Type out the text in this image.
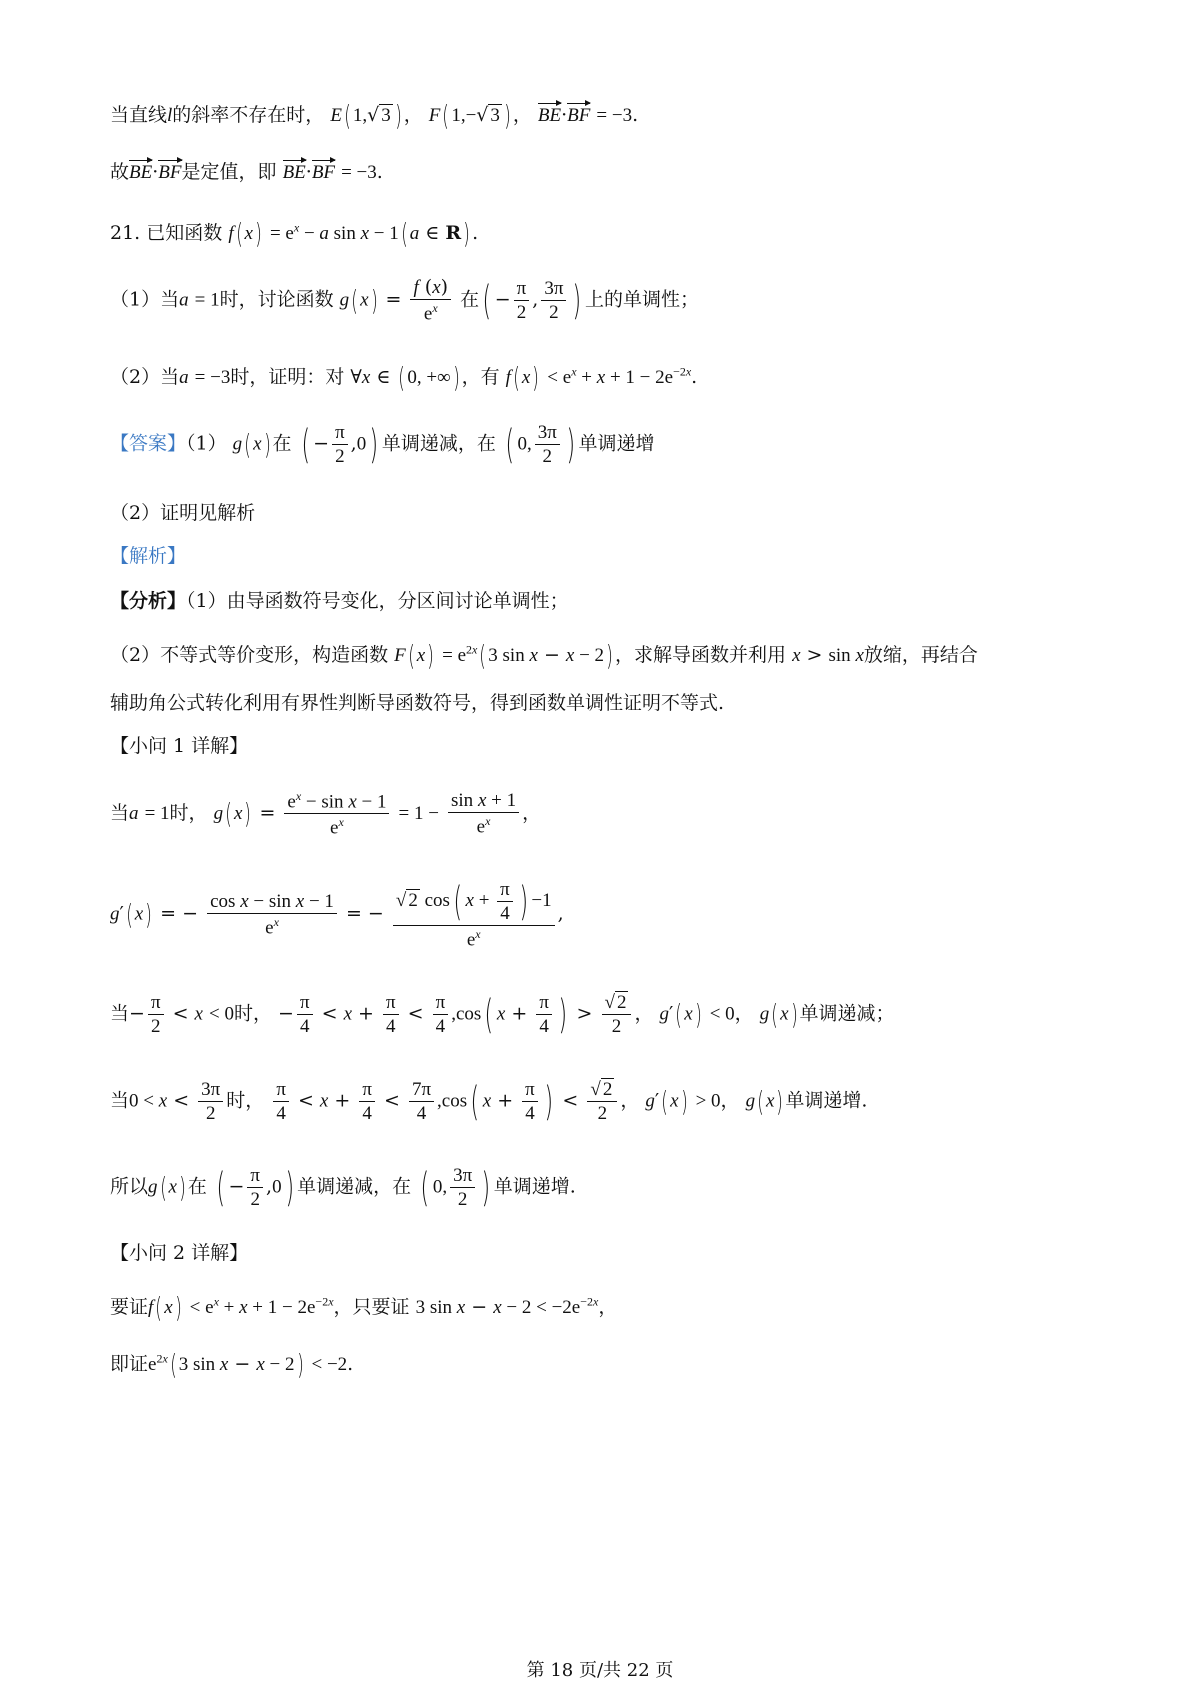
当直线l的斜率不存在时， E( 1,√ 3 ) ， F( 1,−√ 3 ) ， BE·BF = −3.
故BE·BF是定值，即 BE·BF = −3.
21. 已知函数 f( $x) = e^x - a$ sin x − 1( a ∈ R) .
（1）当a = 1时，讨论函数 g( $x) = \frac{f (x)}{e^x}$ 在( − $\frac{\pi}{2}$ , $\frac{3\pi}{2}$ ) 上的单调性；
（2）当a = −3时，证明：对 ∀x ∈ ( 0, +∞) ，有 f( $x) < e^x + x + 1 - 2e^{-2x}$.
【答案】（1） g( x) 在 ( − $\frac{\pi}{2} ,0$) 单调递减，在 ( 0, $\frac{3\pi}{2}$ ) 单调递增
（2）证明见解析
【解析】
【分析】（1）由导函数符号变化，分区间讨论单调性；
（2）不等式等价变形，构造函数 F( $x) = e^{2x}$( 3 sin x − x − 2) ，求解导函数并利用 x > sin x放缩，再结合
辅助角公式转化利用有界性判断导函数符号，得到函数单调性证明不等式.
【小问 1 详解】
当a = 1时， g( $x) = \frac{e^x - \sin x - 1}{e^x} = 1 - \frac{\text{sin x + 1}}{e^x}$ ，
g′( x) = − $\frac{\text{cos x − sin x − 1}}{e^x}$ = − $\frac{√ 2 \cos( x + \frac{\pi}{4} ) -1}{e^x}$ ,
当− $\frac{\pi}{2} < x < 0$时， − $\frac{\pi}{4} < x + \frac{\pi}{4} < \frac{\pi}{4} ,\cos$( $x + \frac{\pi}{4}$ ) > $\frac{√ 2}{2}$ ， g′( x) < 0， g( x) 单调递减；
当$0 < x < \frac{3\pi}{2}$ 时， $\frac{\pi}{4} < x + \frac{\pi}{4} < \frac{7\pi}{4} ,\cos$( $x + \frac{\pi}{4}$ ) < $\frac{√ 2}{2}$ ， g′( x) > 0， g( x) 单调递增.
所以g( x) 在 ( − $\frac{\pi}{2} ,0$) 单调递减，在 ( 0, $\frac{3\pi}{2}$ ) 单调递增.
【小问 2 详解】
要证f( $x) < e^x + x + 1 - 2e^{-2x}$，只要证 3 $\sin x - x - 2 < -2e^{-2x}$，
即证$e^{2x}$( 3 sin x − x − 2) < −2.
第 18 页/共 22 页
